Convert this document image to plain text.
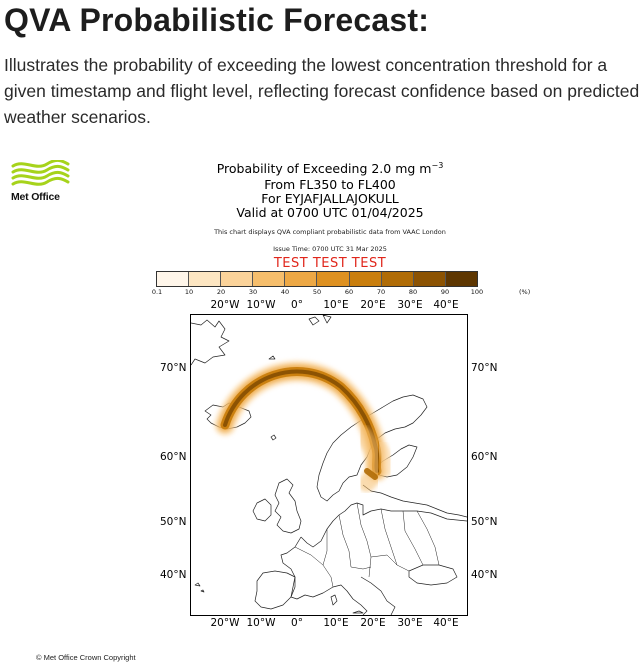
QVA Probabilistic Forecast:

Illustrates the probability of exceeding the lowest concentration threshold for a given timestamp and flight level, reflecting forecast confidence based on predicted weather scenarios.

Met Office
Probability of Exceeding 2.0 mg $m^{-3}$
From FL350 to FL400
For EYJAFJALLAJOKULL
Valid at 0700 UTC 01/04/2025
This chart displays QVA compliant probabilistic data from VAAC London
Issue Time: 0700 UTC 31 Mar 2025
TEST TEST TEST
0.1	10	20	30	40	50	60	70	80	90	100	(%)
20°W 10°W 0° 10°E 20°E 30°E 40°E
20°W 10°W 0° 10°E 20°E 30°E 40°E
70°N
60°N
50°N
40°N
70°N
60°N
50°N
40°N
© Met Office Crown Copyright
